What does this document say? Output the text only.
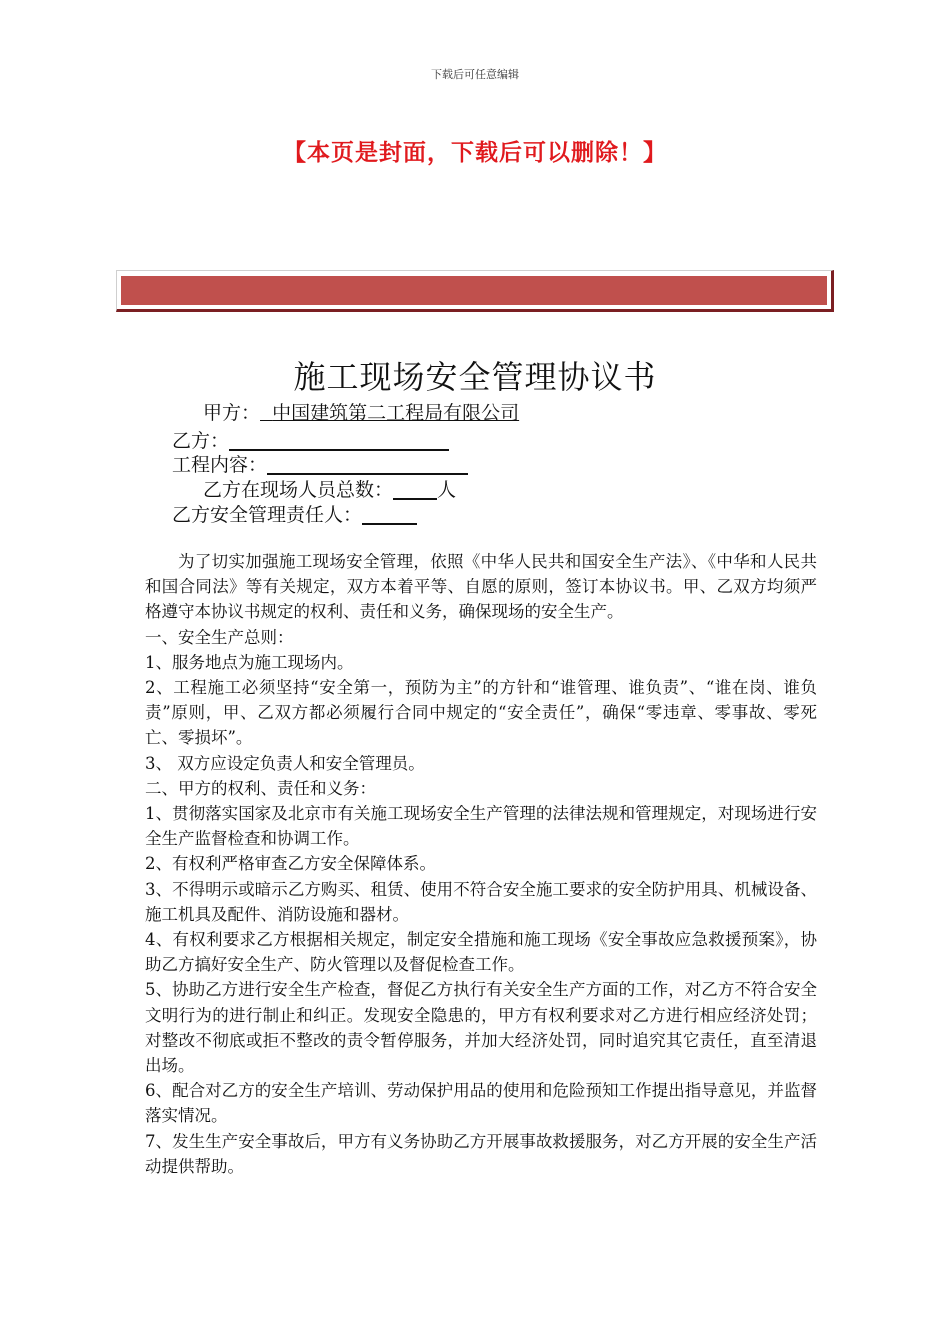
下载后可任意编辑
【本页是封面，下载后可以删除！】
施工现场安全管理协议书
甲方： 中国建筑第二工程局有限公司
乙方：
工程内容：
乙方在现场人员总数： 人
乙方安全管理责任人：

为了切实加强施工现场安全管理，依照《中华人民共和国安全生产法》、《中华和人民共和国合同法》等有关规定，双方本着平等、自愿的原则，签订本协议书。甲、乙双方均须严格遵守本协议书规定的权利、责任和义务，确保现场的安全生产。

一、安全生产总则：

1、服务地点为施工现场内。

2、工程施工必须坚持“安全第一，预防为主”的方针和“谁管理、谁负责”、“谁在岗、谁负责”原则，甲、乙双方都必须履行合同中规定的“安全责任”，确保“零违章、零事故、零死亡、零损坏”。

3、 双方应设定负责人和安全管理员。

二、甲方的权利、责任和义务：

1、贯彻落实国家及北京市有关施工现场安全生产管理的法律法规和管理规定，对现场进行安全生产监督检查和协调工作。

2、有权利严格审查乙方安全保障体系。

3、不得明示或暗示乙方购买、租赁、使用不符合安全施工要求的安全防护用具、机械设备、施工机具及配件、消防设施和器材。

4、有权利要求乙方根据相关规定，制定安全措施和施工现场《安全事故应急救援预案》，协助乙方搞好安全生产、防火管理以及督促检查工作。

5、协助乙方进行安全生产检查，督促乙方执行有关安全生产方面的工作，对乙方不符合安全文明行为的进行制止和纠正。发现安全隐患的，甲方有权利要求对乙方进行相应经济处罚；对整改不彻底或拒不整改的责令暂停服务，并加大经济处罚，同时追究其它责任，直至清退出场。

6、配合对乙方的安全生产培训、劳动保护用品的使用和危险预知工作提出指导意见，并监督落实情况。

7、发生生产安全事故后，甲方有义务协助乙方开展事故救援服务，对乙方开展的安全生产活动提供帮助。
